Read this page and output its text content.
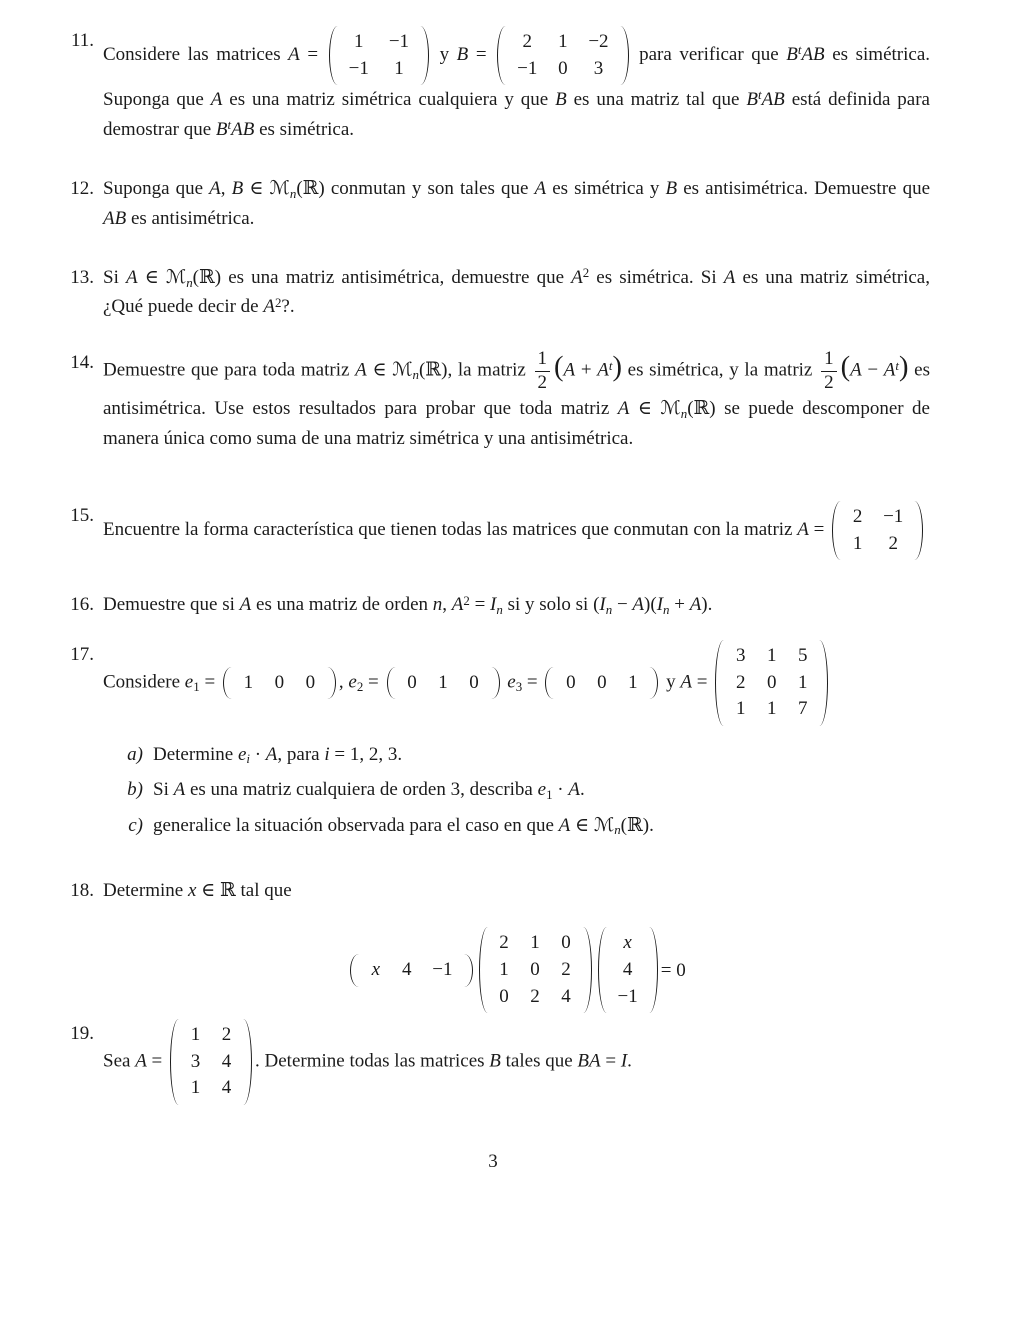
11.
Considere las matrices A =
1 −1
−1 1
y B =
2 1 −2
−1 0 3
para verificar que $B^tAB$ es simétrica. Suponga que A es una matriz simétrica cualquiera y que B es una matriz tal que $B^tAB$ está definida para demostrar que $B^tAB$ es simétrica.
12. Suponga que A, B ∈ ℳn(ℝ) conmutan y son tales que A es simétrica y B es antisimétrica. Demuestre que AB es antisimétrica.
13. Si A ∈ ℳn(ℝ) es una matriz antisimétrica, demuestre que $A^2$ es simétrica. Si A es una matriz simétrica, ¿Qué puede decir de $A^2$?.
14. Demuestre que para toda matriz A ∈ ℳn(ℝ), la matriz $\frac{1}{2} (A + A^t)$ es simétrica, y la matriz $\frac{1}{2} (A - A^t)$ es antisimétrica. Use estos resultados para probar que toda matriz A ∈ ℳn(ℝ) se puede descomponer de manera única como suma de una matriz simétrica y una antisimétrica.
15.
Encuentre la forma característica que tienen todas las matrices que conmutan con la matriz A =
2 −1
1 2
16. Demuestre que si A es una matriz de orden n, $A^2 = In$ si y solo si (In − A)(In + A).
17.
Considere e1 = 1 0 0 , e2 = 0 1 0 e3 = 0 0 1 y A =
3 1 5
2 0 1
1 1 7
a) Determine ei · A, para i = 1, 2, 3.
b) Si A es una matriz cualquiera de orden 3, describa e1 · A.
c) generalice la situación observada para el caso en que A ∈ ℳn(ℝ).
18. Determine x ∈ ℝ tal que
x 4 −1
2 1 0
1 0 2
0 2 4
x
4
−1
= 0
19.
Sea A =
1 2
3 4
1 4
. Determine todas las matrices B tales que BA = I.
3
